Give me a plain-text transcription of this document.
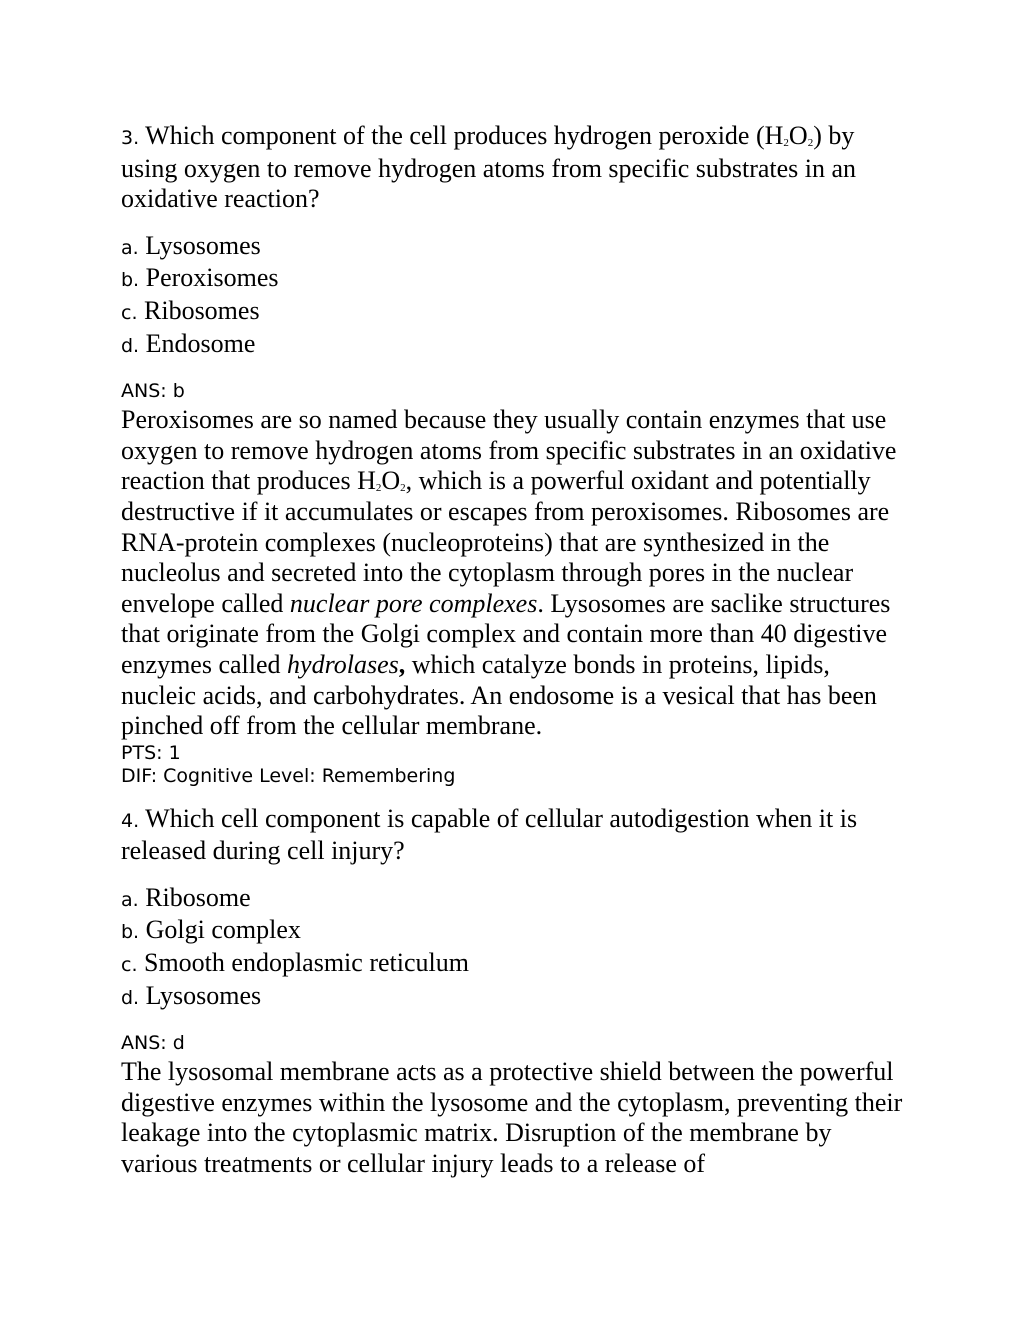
3. Which component of the cell produces hydrogen peroxide $(H_2O_2)$ by using oxygen to remove hydrogen atoms from specific substrates in an oxidative reaction?

a. Lysosomes
b. Peroxisomes
c. Ribosomes
d. Endosome

ANS: b

Peroxisomes are so named because they usually contain enzymes that use oxygen to remove hydrogen atoms from specific substrates in an oxidative reaction that produces $H_2O_2$, which is a powerful oxidant and potentially destructive if it accumulates or escapes from peroxisomes. Ribosomes are RNA-protein complexes (nucleoproteins) that are synthesized in the nucleolus and secreted into the cytoplasm through pores in the nuclear envelope called nuclear pore complexes. Lysosomes are saclike structures that originate from the Golgi complex and contain more than 40 digestive enzymes called hydrolases, which catalyze bonds in proteins, lipids, nucleic acids, and carbohydrates. An endosome is a vesical that has been pinched off from the cellular membrane.

PTS: 1

DIF: Cognitive Level: Remembering

4. Which cell component is capable of cellular autodigestion when it is released during cell injury?

a. Ribosome
b. Golgi complex
c. Smooth endoplasmic reticulum
d. Lysosomes

ANS: d

The lysosomal membrane acts as a protective shield between the powerful digestive enzymes within the lysosome and the cytoplasm, preventing their leakage into the cytoplasmic matrix. Disruption of the membrane by various treatments or cellular injury leads to a release of
